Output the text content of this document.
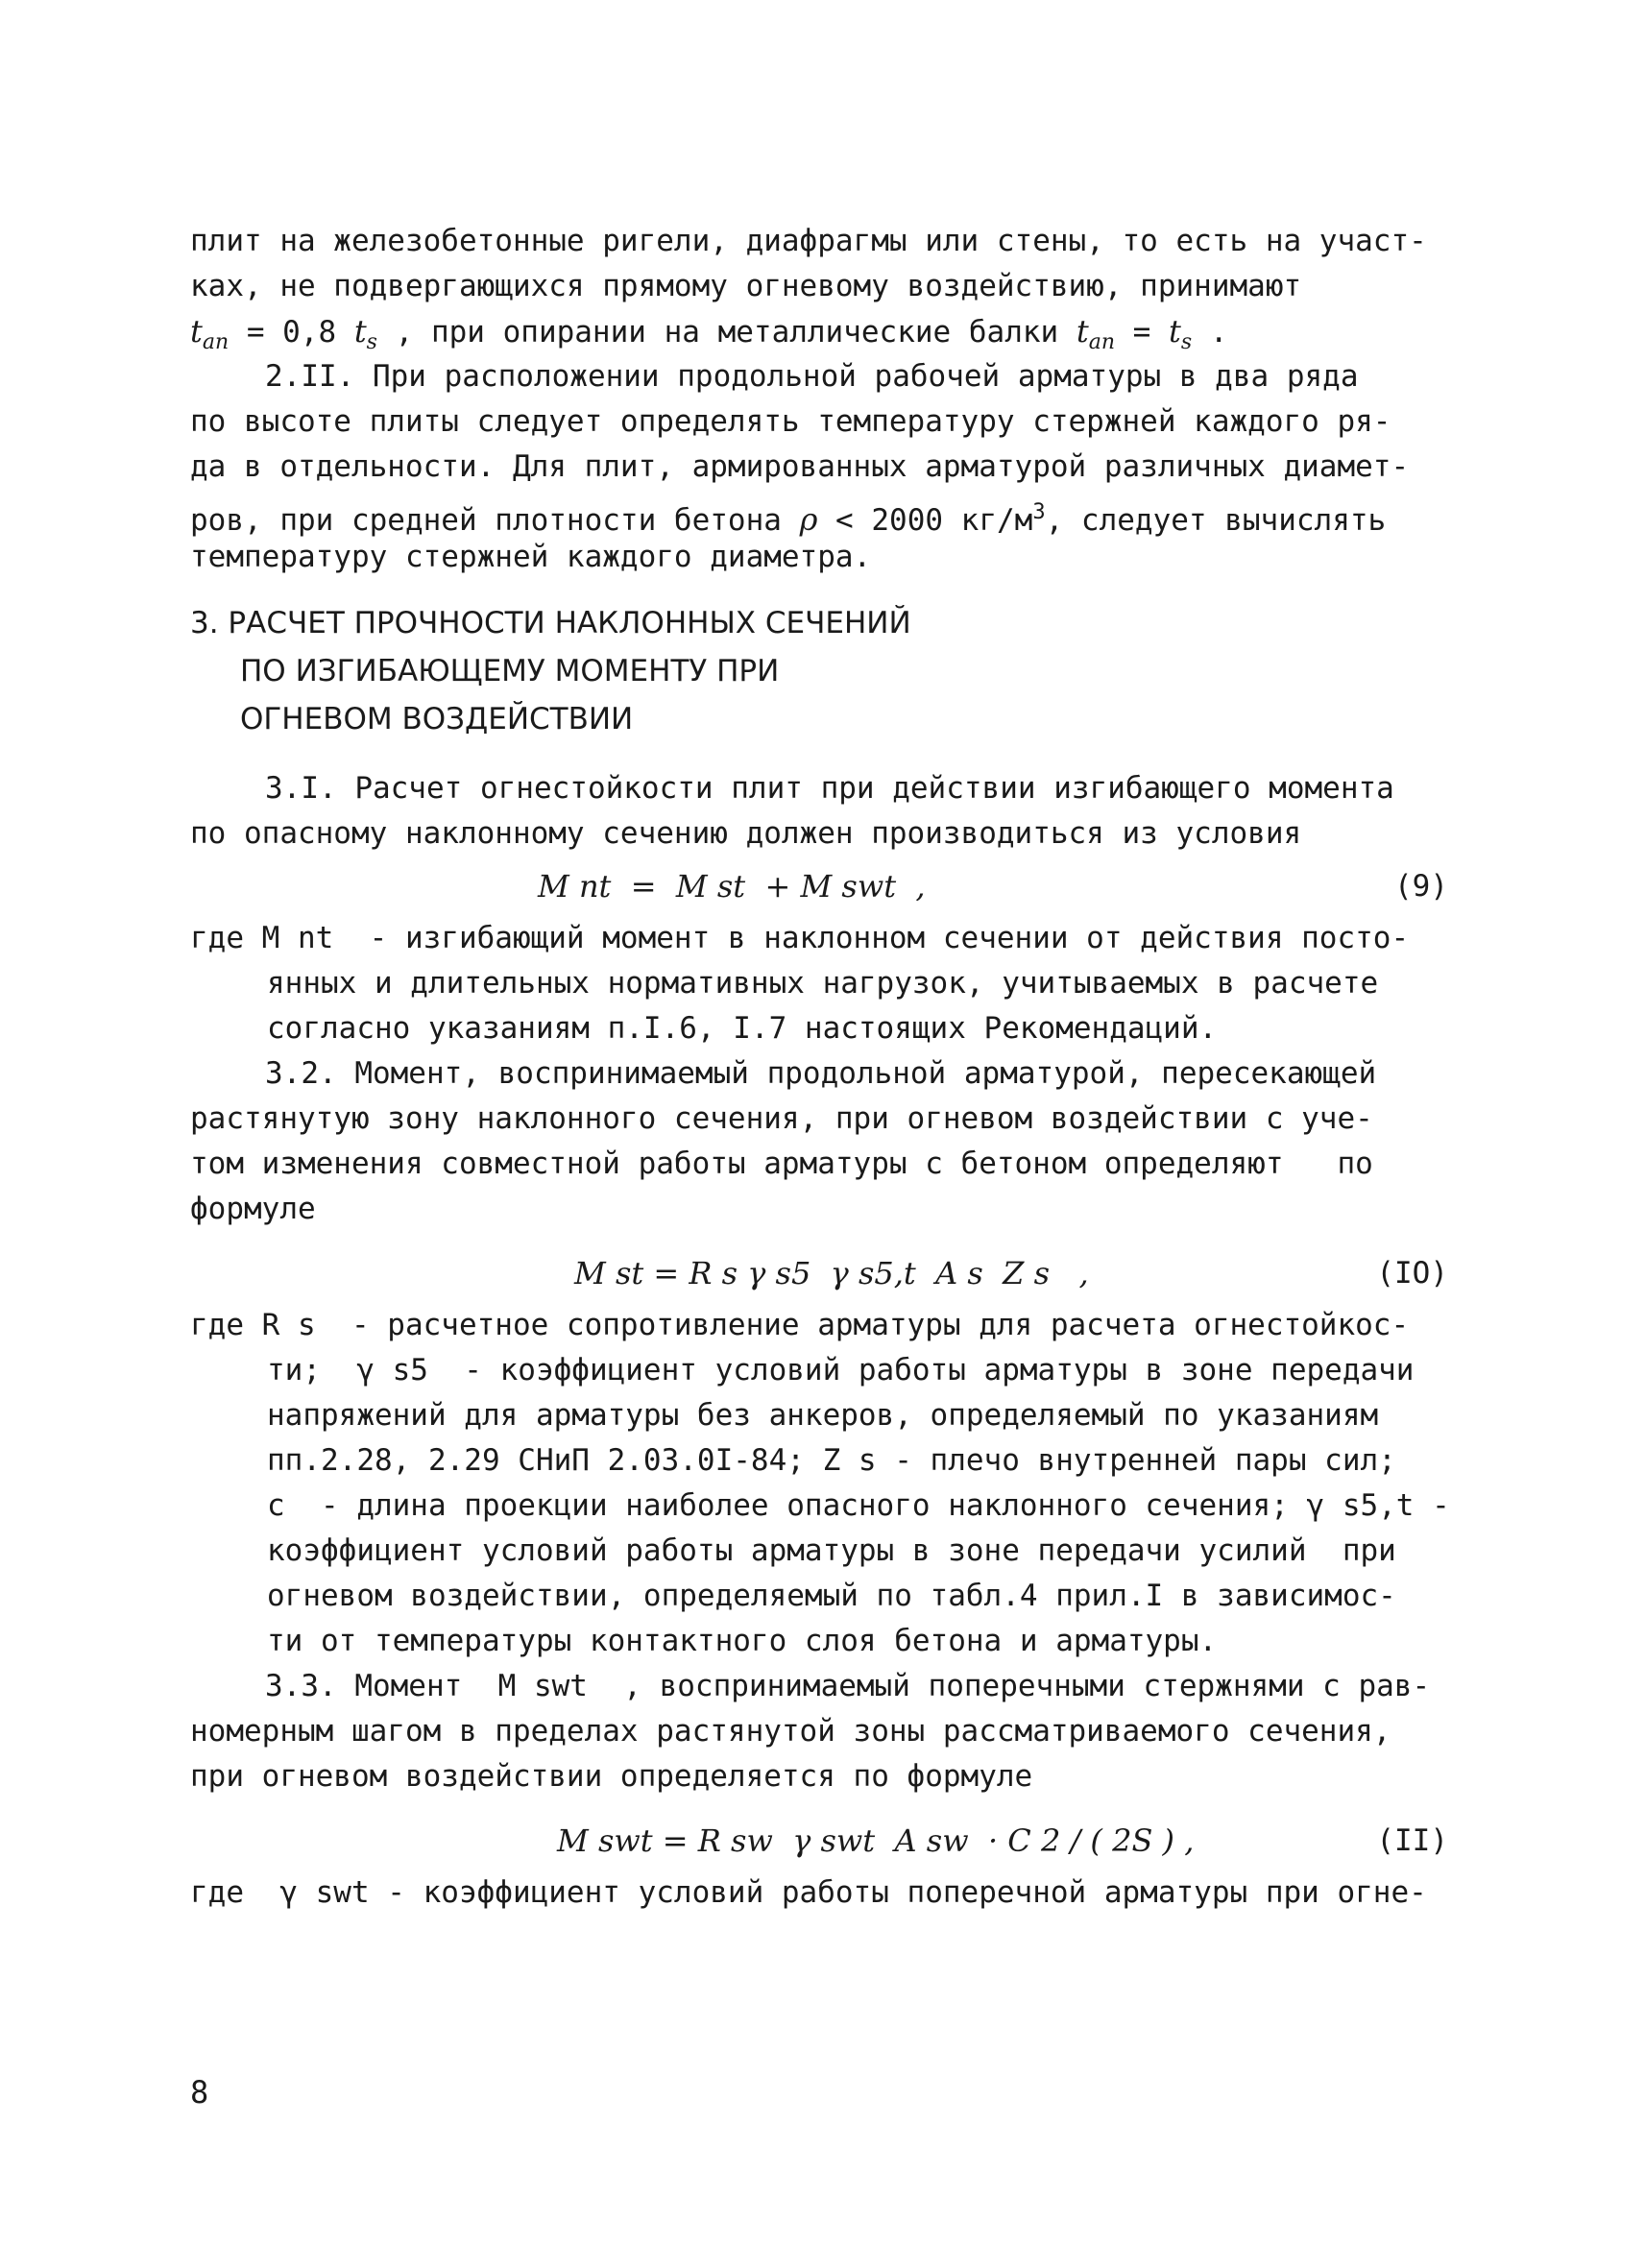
плит на железобетонные ригели, диафрагмы или стены, то есть на участ-
ках, не подвергающихся прямому огневому воздействию, принимают
$t_{an} = 0,8$ $t_s$ , при опирании на металлические балки $t_{an} = t_s$ .
2.II. При расположении продольной рабочей арматуры в два ряда
по высоте плиты следует определять температуру стержней каждого ря-
да в отдельности. Для плит, армированных арматурой различных диамет-
ров, при средней плотности бетона ρ < 2000 $кг/м^3$, следует вычислять
температуру стержней каждого диаметра.
3. РАСЧЕТ ПРОЧНОСТИ НАКЛОННЫХ СЕЧЕНИЙ
ПО ИЗГИБАЮЩЕМУ МОМЕНТУ ПРИ
ОГНЕВОМ ВОЗДЕЙСТВИИ
3.I. Расчет огнестойкости плит при действии изгибающего момента
по опасному наклонному сечению должен производиться из условия
M nt  =  M st  + M swt  ,	(9)
где M nt  - изгибающий момент в наклонном сечении от действия посто-
янных и длительных нормативных нагрузок, учитываемых в расчете
согласно указаниям п.I.6, I.7 настоящих Рекомендаций.
3.2. Момент, воспринимаемый продольной арматурой, пересекающей
растянутую зону наклонного сечения, при огневом воздействии с уче-
том изменения совместной работы арматуры с бетоном определяют   по
формуле
M st = R s γ s5  γ s5,t  A s  Z s   ,	(IO)
где R s  - расчетное сопротивление арматуры для расчета огнестойкос-
ти;  γ s5  - коэффициент условий работы арматуры в зоне передачи
напряжений для арматуры без анкеров, определяемый по указаниям
пп.2.28, 2.29 СНиП 2.03.0I-84; Z s - плечо внутренней пары сил;
c  - длина проекции наиболее опасного наклонного сечения; γ s5,t -
коэффициент условий работы арматуры в зоне передачи усилий  при
огневом воздействии, определяемый по табл.4 прил.I в зависимос-
ти от температуры контактного слоя бетона и арматуры.
3.3. Момент  M swt  , воспринимаемый поперечными стержнями с рав-
номерным шагом в пределах растянутой зоны рассматриваемого сечения,
при огневом воздействии определяется по формуле
M swt = R sw  γ swt  A sw  · C 2 / ( 2S ) ,	(II)
где  γ swt - коэффициент условий работы поперечной арматуры при огне-
8
